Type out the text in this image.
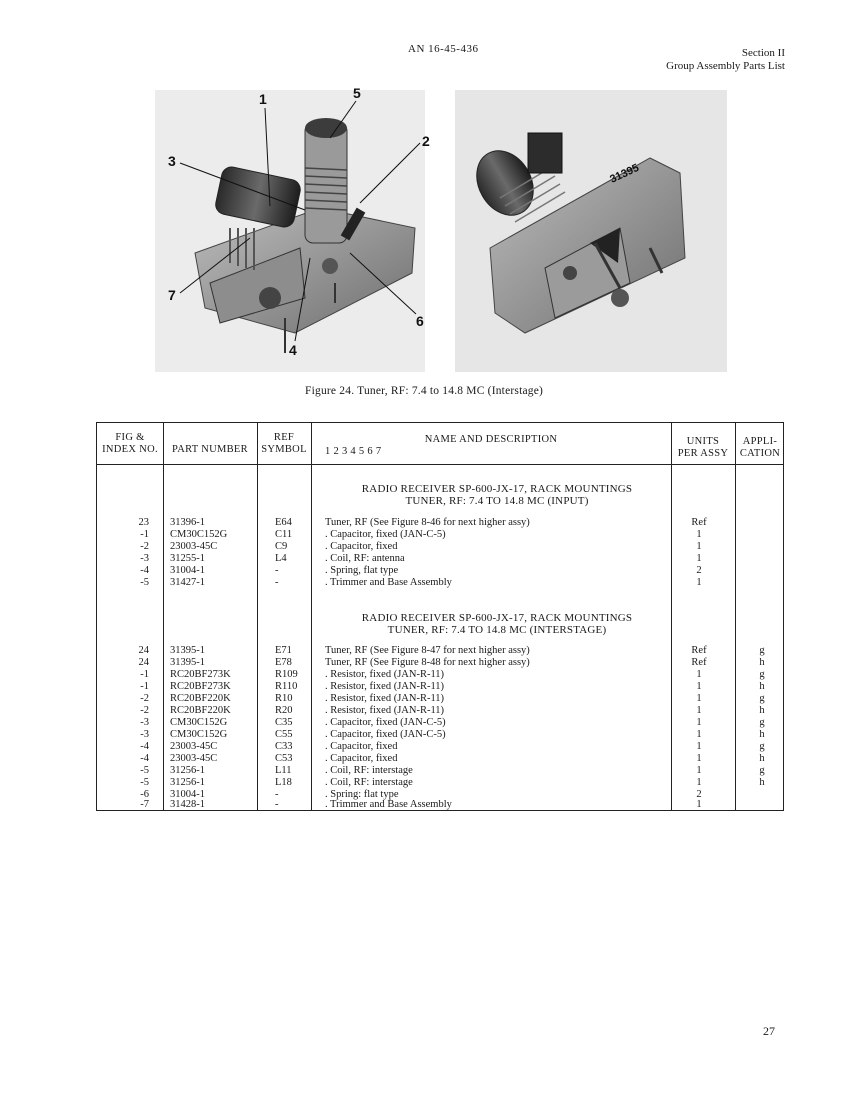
AN 16-45-436	Section II
Group Assembly Parts List
1
2
3
4
5
6
7
31395
Figure 24. Tuner, RF: 7.4 to 14.8 MC (Interstage)
FIG &
INDEX NO.	PART NUMBER
REF
SYMBOL
NAME AND DESCRIPTION
1 2 3 4 5 6 7
UNITS
PER ASSY
APPLI-
CATION
RADIO RECEIVER SP-600-JX-17, RACK MOUNTINGS
TUNER, RF: 7.4 TO 14.8 MC (INPUT)
23 31396-1	E64	Tuner, RF (See Figure 8-46 for next higher assy)	Ref
-1 CM30C152G	C11	. Capacitor, fixed (JAN-C-5)	1
-2 23003-45C	C9	. Capacitor, fixed	1
-3 31255-1	L4	. Coil, RF: antenna	1
-4 31004-1	-	. Spring, flat type	2
-5 31427-1	-	. Trimmer and Base Assembly	1
RADIO RECEIVER SP-600-JX-17, RACK MOUNTINGS
TUNER, RF: 7.4 TO 14.8 MC (INTERSTAGE)
24 31395-1	E71	Tuner, RF (See Figure 8-47 for next higher assy)	Ref	g
24 31395-1	E78	Tuner, RF (See Figure 8-48 for next higher assy)	Ref	h
-1 RC20BF273K	R109	. Resistor, fixed (JAN-R-11)	1	g
-1 RC20BF273K	R110	. Resistor, fixed (JAN-R-11)	1	h
-2 RC20BF220K	R10	. Resistor, fixed (JAN-R-11)	1	g
-2 RC20BF220K	R20	. Resistor, fixed (JAN-R-11)	1	h
-3 CM30C152G	C35	. Capacitor, fixed (JAN-C-5)	1	g
-3 CM30C152G	C55	. Capacitor, fixed (JAN-C-5)	1	h
-4 23003-45C	C33	. Capacitor, fixed	1	g
-4 23003-45C	C53	. Capacitor, fixed	1	h
-5 31256-1	L11	. Coil, RF: interstage	1	g
-5 31256-1	L18	. Coil, RF: interstage	1	h
-6 31004-1	-	. Spring: flat type	2
-7 31428-1	-	. Trimmer and Base Assembly	1
27
